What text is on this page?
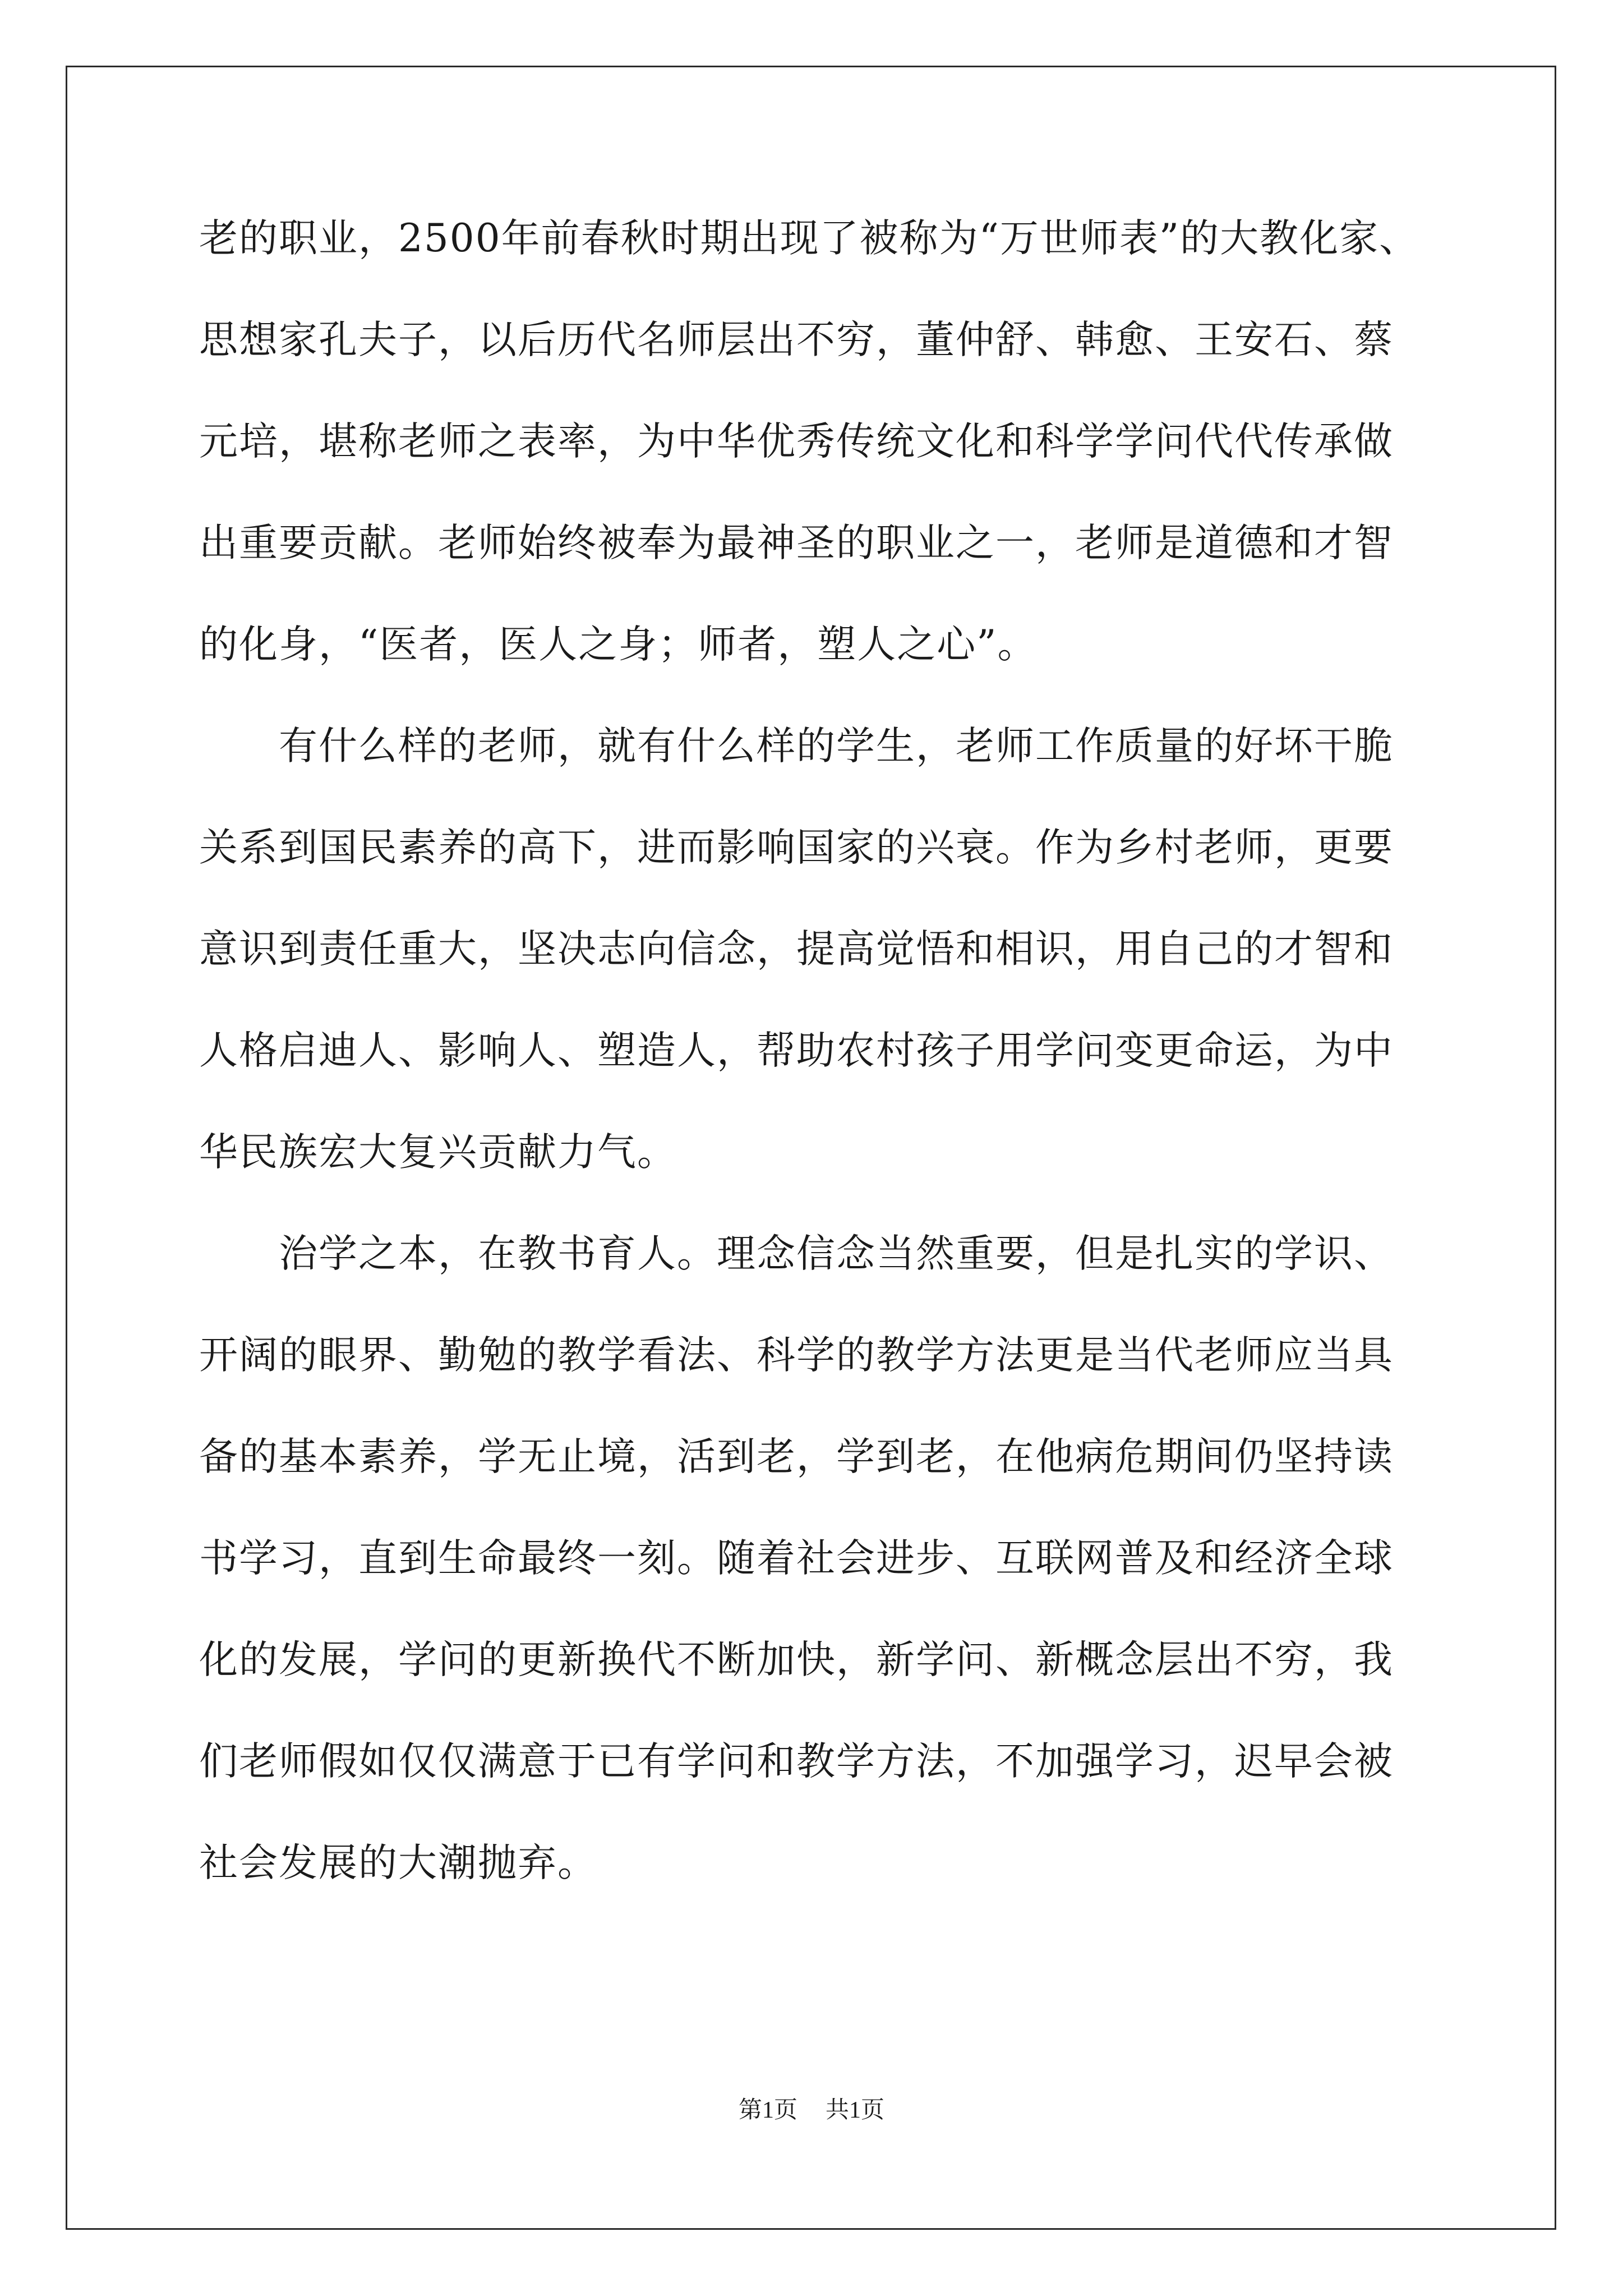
老的职业，2500年前春秋时期出现了被称为“万世师表”的大教化家、
思想家孔夫子，以后历代名师层出不穷，董仲舒、韩愈、王安石、蔡
元培，堪称老师之表率，为中华优秀传统文化和科学学问代代传承做
出重要贡献。老师始终被奉为最神圣的职业之一，老师是道德和才智
的化身，“医者，医人之身；师者，塑人之心”。
有什么样的老师，就有什么样的学生，老师工作质量的好坏干脆
关系到国民素养的高下，进而影响国家的兴衰。作为乡村老师，更要
意识到责任重大，坚决志向信念，提高觉悟和相识，用自己的才智和
人格启迪人、影响人、塑造人，帮助农村孩子用学问变更命运，为中
华民族宏大复兴贡献力气。
治学之本，在教书育人。理念信念当然重要，但是扎实的学识、
开阔的眼界、勤勉的教学看法、科学的教学方法更是当代老师应当具
备的基本素养，学无止境，活到老，学到老，在他病危期间仍坚持读
书学习，直到生命最终一刻。随着社会进步、互联网普及和经济全球
化的发展，学问的更新换代不断加快，新学问、新概念层出不穷，我
们老师假如仅仅满意于已有学问和教学方法，不加强学习，迟早会被
社会发展的大潮抛弃。
第1页 共1页
